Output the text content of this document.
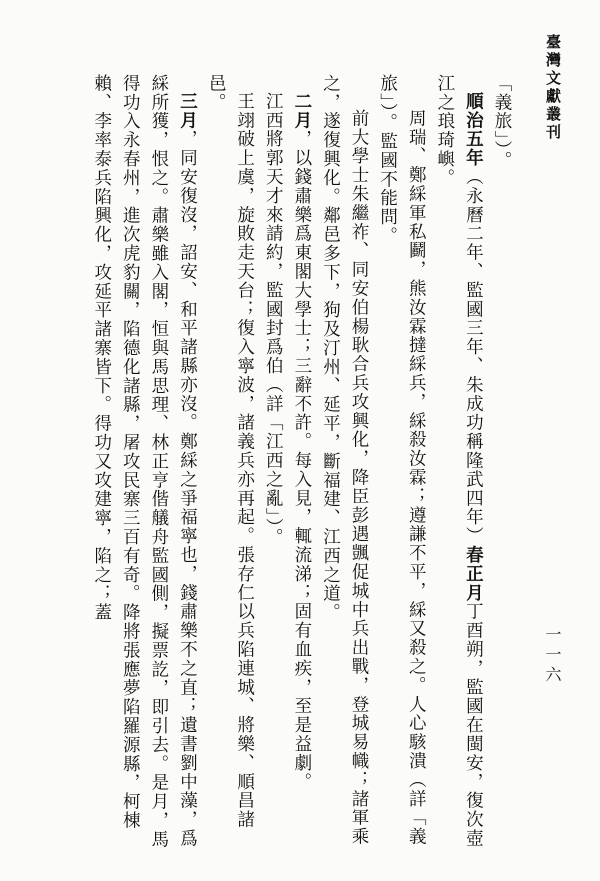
臺灣文獻叢刊
一一六

「義旅」）。

順治五年（永曆二年、監國三年、朱成功稱隆武四年）春正月丁酉朔，監國在閩安，復次壺江之琅琦嶼。

周瑞、鄭綵軍私鬬，熊汝霖撻綵兵，綵殺汝霖；遵謙不平，綵又殺之。人心駭潰（詳「義旅」）。監國不能問。

前大學士朱繼祚、同安伯楊耿合兵攻興化，降臣彭遇颽促城中兵出戰，登城易幟；諸軍乘之，遂復興化。鄰邑多下，狗及汀州、延平，斷福建、江西之道。

二月，以錢肅樂爲東閣大學士；三辭不許。每入見，輒流涕；固有血疾，至是益劇。

江西將郭天才來請約，監國封爲伯（詳「江西之亂」）。

王翊破上虞，旋敗走天台；復入寧波，諸義兵亦再起。張存仁以兵陷連城、將樂、順昌諸邑。

三月，同安復沒，詔安、和平諸縣亦沒。鄭綵之爭福寧也，錢肅樂不之直；遺書劉中藻，爲綵所獲，恨之。肅樂雖入閣，恒與馬思理、林正亨偕艤舟監國側，擬票訖，即引去。是月，馬得功入永春州，進次虎豹關，陷德化諸縣，屠攻民寨三百有奇。降將張應夢陷羅源縣，柯棟賴、李率泰兵陷興化，攻延平諸寨皆下。得功又攻建寧，陷之；蓋
